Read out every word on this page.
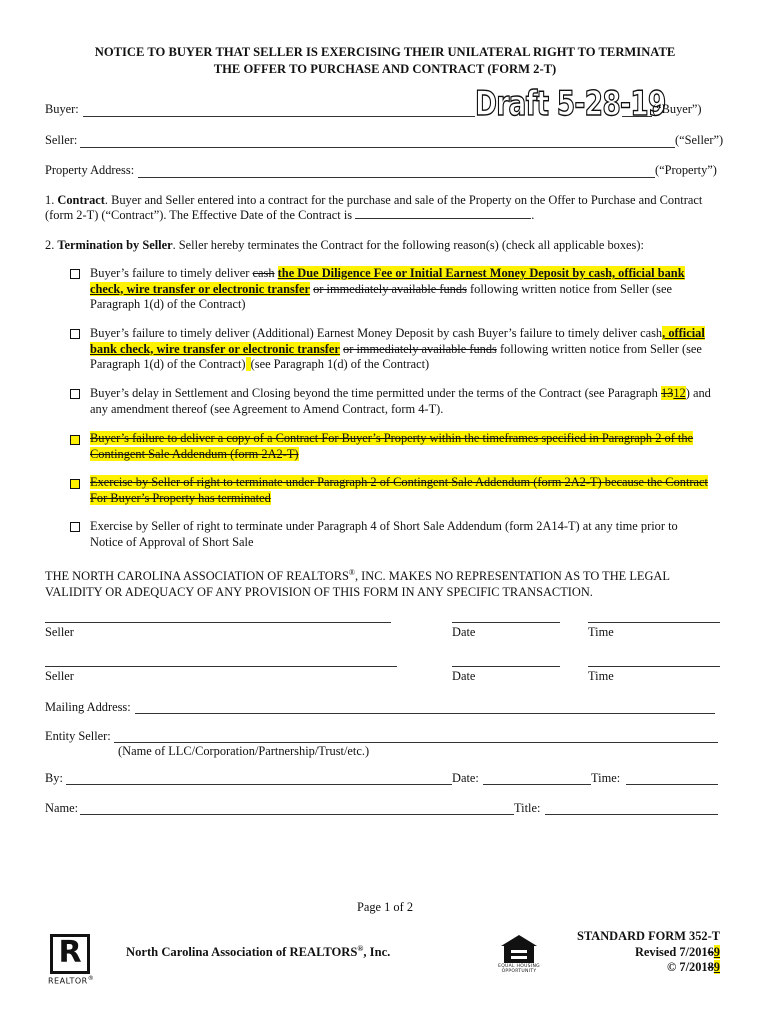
NOTICE TO BUYER THAT SELLER IS EXERCISING THEIR UNILATERAL RIGHT TO TERMINATE
THE OFFER TO PURCHASE AND CONTRACT (FORM 2-T)
Draft 5-28-19
Buyer:	(“Buyer”)
Seller:	(“Seller”)
Property Address:	(“Property”)
1. Contract. Buyer and Seller entered into a contract for the purchase and sale of the Property on the Offer to Purchase and Contract
(form 2-T) (“Contract”). The Effective Date of the Contract is	.
2. Termination by Seller. Seller hereby terminates the Contract for the following reason(s) (check all applicable boxes):
Buyer’s failure to timely deliver cash the Due Diligence Fee or Initial Earnest Money Deposit by cash, official bank
check, wire transfer or electronic transfer or immediately available funds following written notice from Seller (see
Paragraph 1(d) of the Contract)
Buyer’s failure to timely deliver (Additional) Earnest Money Deposit by cash Buyer’s failure to timely deliver cash, official
bank check, wire transfer or electronic transfer or immediately available funds following written notice from Seller (see
Paragraph 1(d) of the Contract) (see Paragraph 1(d) of the Contract)
Buyer’s delay in Settlement and Closing beyond the time permitted under the terms of the Contract (see Paragraph 1312) and
any amendment thereof (see Agreement to Amend Contract, form 4-T).
Buyer’s failure to deliver a copy of a Contract For Buyer’s Property within the timeframes specified in Paragraph 2 of the
Contingent Sale Addendum (form 2A2-T)
Exercise by Seller of right to terminate under Paragraph 2 of Contingent Sale Addendum (form 2A2-T) because the Contract
For Buyer’s Property has terminated
Exercise by Seller of right to terminate under Paragraph 4 of Short Sale Addendum (form 2A14-T) at any time prior to
Notice of Approval of Short Sale
THE NORTH CAROLINA ASSOCIATION OF REALTORS®, INC. MAKES NO REPRESENTATION AS TO THE LEGAL
VALIDITY OR ADEQUACY OF ANY PROVISION OF THIS FORM IN ANY SPECIFIC TRANSACTION.
Seller	Date	Time
Seller	Date	Time
Mailing Address:
Entity Seller:
(Name of LLC/Corporation/Partnership/Trust/etc.)
By:	Date:	Time:
Name:	Title:
Page 1 of 2
R
REALTOR®
North Carolina Association of REALTORS®, Inc.
EQUAL HOUSING
OPPORTUNITY
STANDARD FORM 352-T
Revised 7/20169
© 7/20189
